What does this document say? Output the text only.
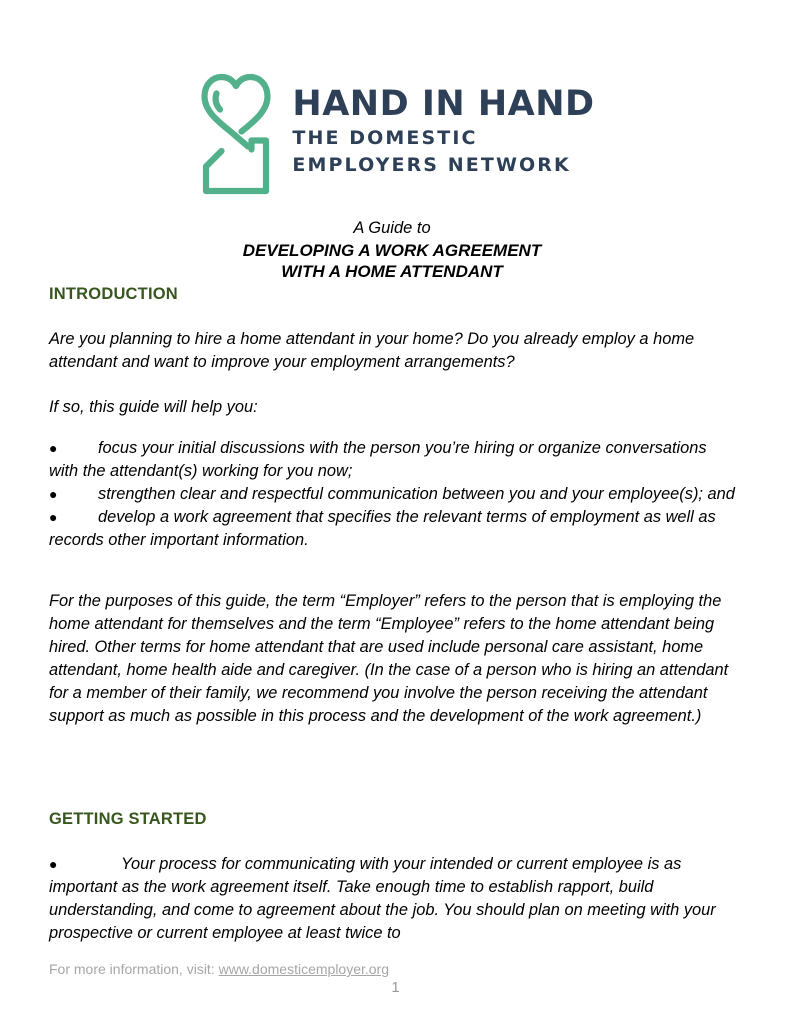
HAND IN HAND
THE DOMESTIC
EMPLOYERS NETWORK
A Guide to
DEVELOPING A WORK AGREEMENT
WITH A HOME ATTENDANT
INTRODUCTION
Are you planning to hire a home attendant in your home? Do you already employ a home attendant and want to improve your employment arrangements?
If so, this guide will help you:
● focus your initial discussions with the person you’re hiring or organize conversations with the attendant(s) working for you now;
● strengthen clear and respectful communication between you and your employee(s); and
● develop a work agreement that specifies the relevant terms of employment as well as records other important information.
For the purposes of this guide, the term “Employer” refers to the person that is employing the home attendant for themselves and the term “Employee” refers to the home attendant being hired. Other terms for home attendant that are used include personal care assistant, home attendant, home health aide and caregiver. (In the case of a person who is hiring an attendant for a member of their family, we recommend you involve the person receiving the attendant support as much as possible in this process and the development of the work agreement.)
GETTING STARTED
●	Your process for communicating with your intended or current employee is as important as the work agreement itself. Take enough time to establish rapport, build understanding, and come to agreement about the job. You should plan on meeting with your prospective or current employee at least twice to
For more information, visit: www.domesticemployer.org
1
